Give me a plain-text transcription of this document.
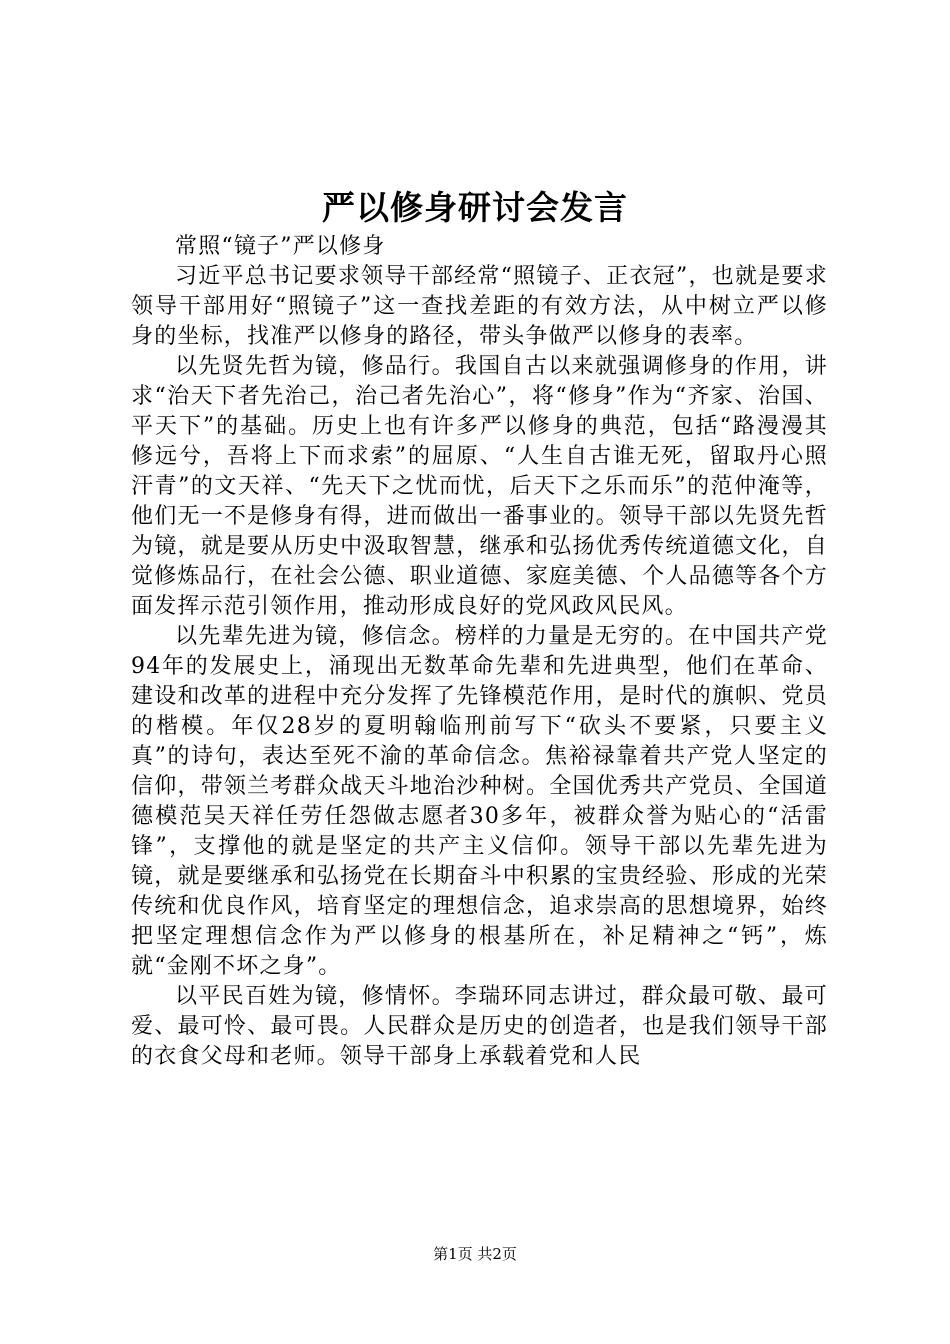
严以修身研讨会发言

常照“镜子”严以修身

习近平总书记要求领导干部经常“照镜子、正衣冠”，也就是要求领导干部用好“照镜子”这一查找差距的有效方法，从中树立严以修身的坐标，找准严以修身的路径，带头争做严以修身的表率。

以先贤先哲为镜，修品行。我国自古以来就强调修身的作用，讲求“治天下者先治己，治己者先治心”，将“修身”作为“齐家、治国、平天下”的基础。历史上也有许多严以修身的典范，包括“路漫漫其修远兮，吾将上下而求索”的屈原、“人生自古谁无死，留取丹心照汗青”的文天祥、“先天下之忧而忧，后天下之乐而乐”的范仲淹等，他们无一不是修身有得，进而做出一番事业的。领导干部以先贤先哲为镜，就是要从历史中汲取智慧，继承和弘扬优秀传统道德文化，自觉修炼品行，在社会公德、职业道德、家庭美德、个人品德等各个方面发挥示范引领作用，推动形成良好的党风政风民风。

以先辈先进为镜，修信念。榜样的力量是无穷的。在中国共产党94年的发展史上，涌现出无数革命先辈和先进典型，他们在革命、建设和改革的进程中充分发挥了先锋模范作用，是时代的旗帜、党员的楷模。年仅28岁的夏明翰临刑前写下“砍头不要紧，只要主义真”的诗句，表达至死不渝的革命信念。焦裕禄靠着共产党人坚定的信仰，带领兰考群众战天斗地治沙种树。全国优秀共产党员、全国道德模范吴天祥任劳任怨做志愿者30多年，被群众誉为贴心的“活雷锋”，支撑他的就是坚定的共产主义信仰。领导干部以先辈先进为镜，就是要继承和弘扬党在长期奋斗中积累的宝贵经验、形成的光荣传统和优良作风，培育坚定的理想信念，追求崇高的思想境界，始终把坚定理想信念作为严以修身的根基所在，补足精神之“钙”，炼就“金刚不坏之身”。

以平民百姓为镜，修情怀。李瑞环同志讲过，群众最可敬、最可爱、最可怜、最可畏。人民群众是历史的创造者，也是我们领导干部的衣食父母和老师。领导干部身上承载着党和人民

第1页 共2页
